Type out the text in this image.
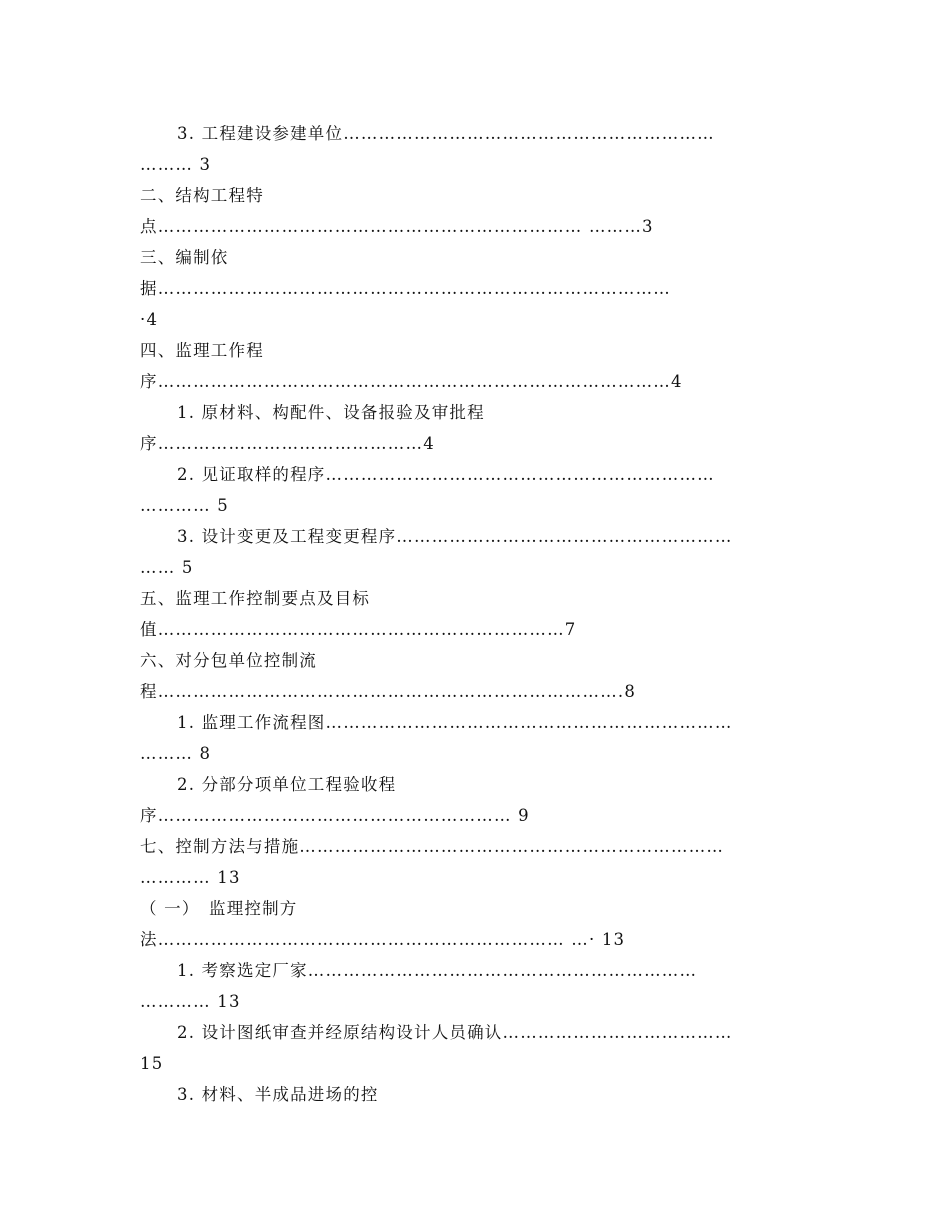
3. 工程建设参建单位………………………………………………………
……… 3
二、结构工程特
点……………………………………………………………… ………3
三、编制依
据……………………………………………………………………………
·4
四、监理工作程
序……………………………………………………………………………4
1. 原材料、构配件、设备报验及审批程
序………………………………………4
2. 见证取样的程序…………………………………………………………
………… 5
3. 设计变更及工程变更程序…………………………………………………
…… 5
五、监理工作控制要点及目标
值……………………………………………………………7
六、对分包单位控制流
程…………………………………………………………………….8
1. 监理工作流程图……………………………………………………………
……… 8
2. 分部分项单位工程验收程
序…………………………………………………… 9
七、控制方法与措施………………………………………………………………
………… 13
（ 一）　监理控制方
法…………………………………………………………… …· 13
1. 考察选定厂家…………………………………………………………
………… 13
2. 设计图纸审查并经原结构设计人员确认…………………………………
15
3. 材料、半成品进场的控
